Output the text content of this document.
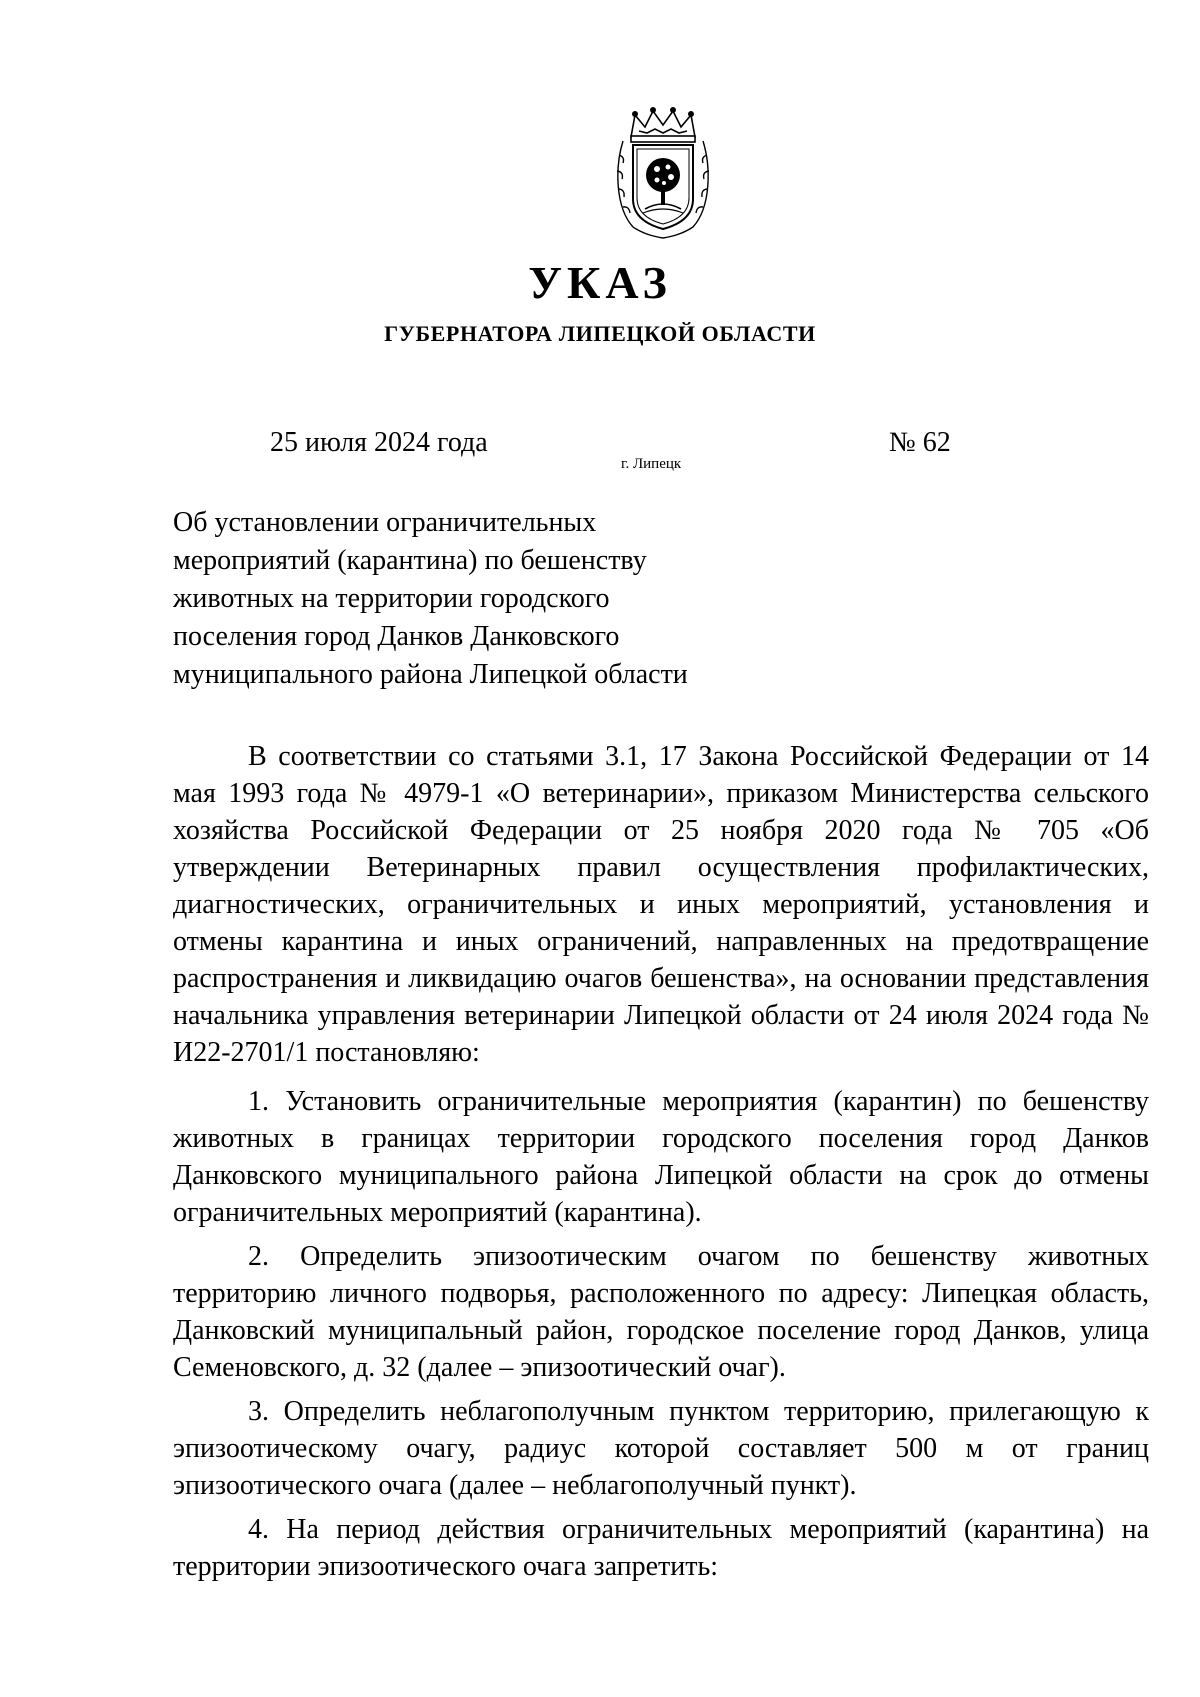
УКАЗ
ГУБЕРНАТОРА ЛИПЕЦКОЙ ОБЛАСТИ
25 июля 2024 года
г. Липецк
№ 62
Об установлении ограничительных
мероприятий (карантина) по бешенству
животных на территории городского
поселения город Данков Данковского
муниципального района Липецкой области

В соответствии со статьями 3.1, 17 Закона Российской Федерации от 14 мая 1993 года № 4979-1 «О ветеринарии», приказом Министерства сельского хозяйства Российской Федерации от 25 ноября 2020 года № 705 «Об утверждении Ветеринарных правил осуществления профилактических, диагностических, ограничительных и иных мероприятий, установления и отмены карантина и иных ограничений, направленных на предотвращение распространения и ликвидацию очагов бешенства», на основании представления начальника управления ветеринарии Липецкой области от 24 июля 2024 года № И22-2701/1 постановляю:

1. Установить ограничительные мероприятия (карантин) по бешенству животных в границах территории городского поселения город Данков Данковского муниципального района Липецкой области на срок до отмены ограничительных мероприятий (карантина).

2. Определить эпизоотическим очагом по бешенству животных территорию личного подворья, расположенного по адресу: Липецкая область, Данковский муниципальный район, городское поселение город Данков, улица Семеновского, д. 32 (далее – эпизоотический очаг).

3. Определить неблагополучным пунктом территорию, прилегающую к эпизоотическому очагу, радиус которой составляет 500 м от границ эпизоотического очага (далее – неблагополучный пункт).

4. На период действия ограничительных мероприятий (карантина) на территории эпизоотического очага запретить:
